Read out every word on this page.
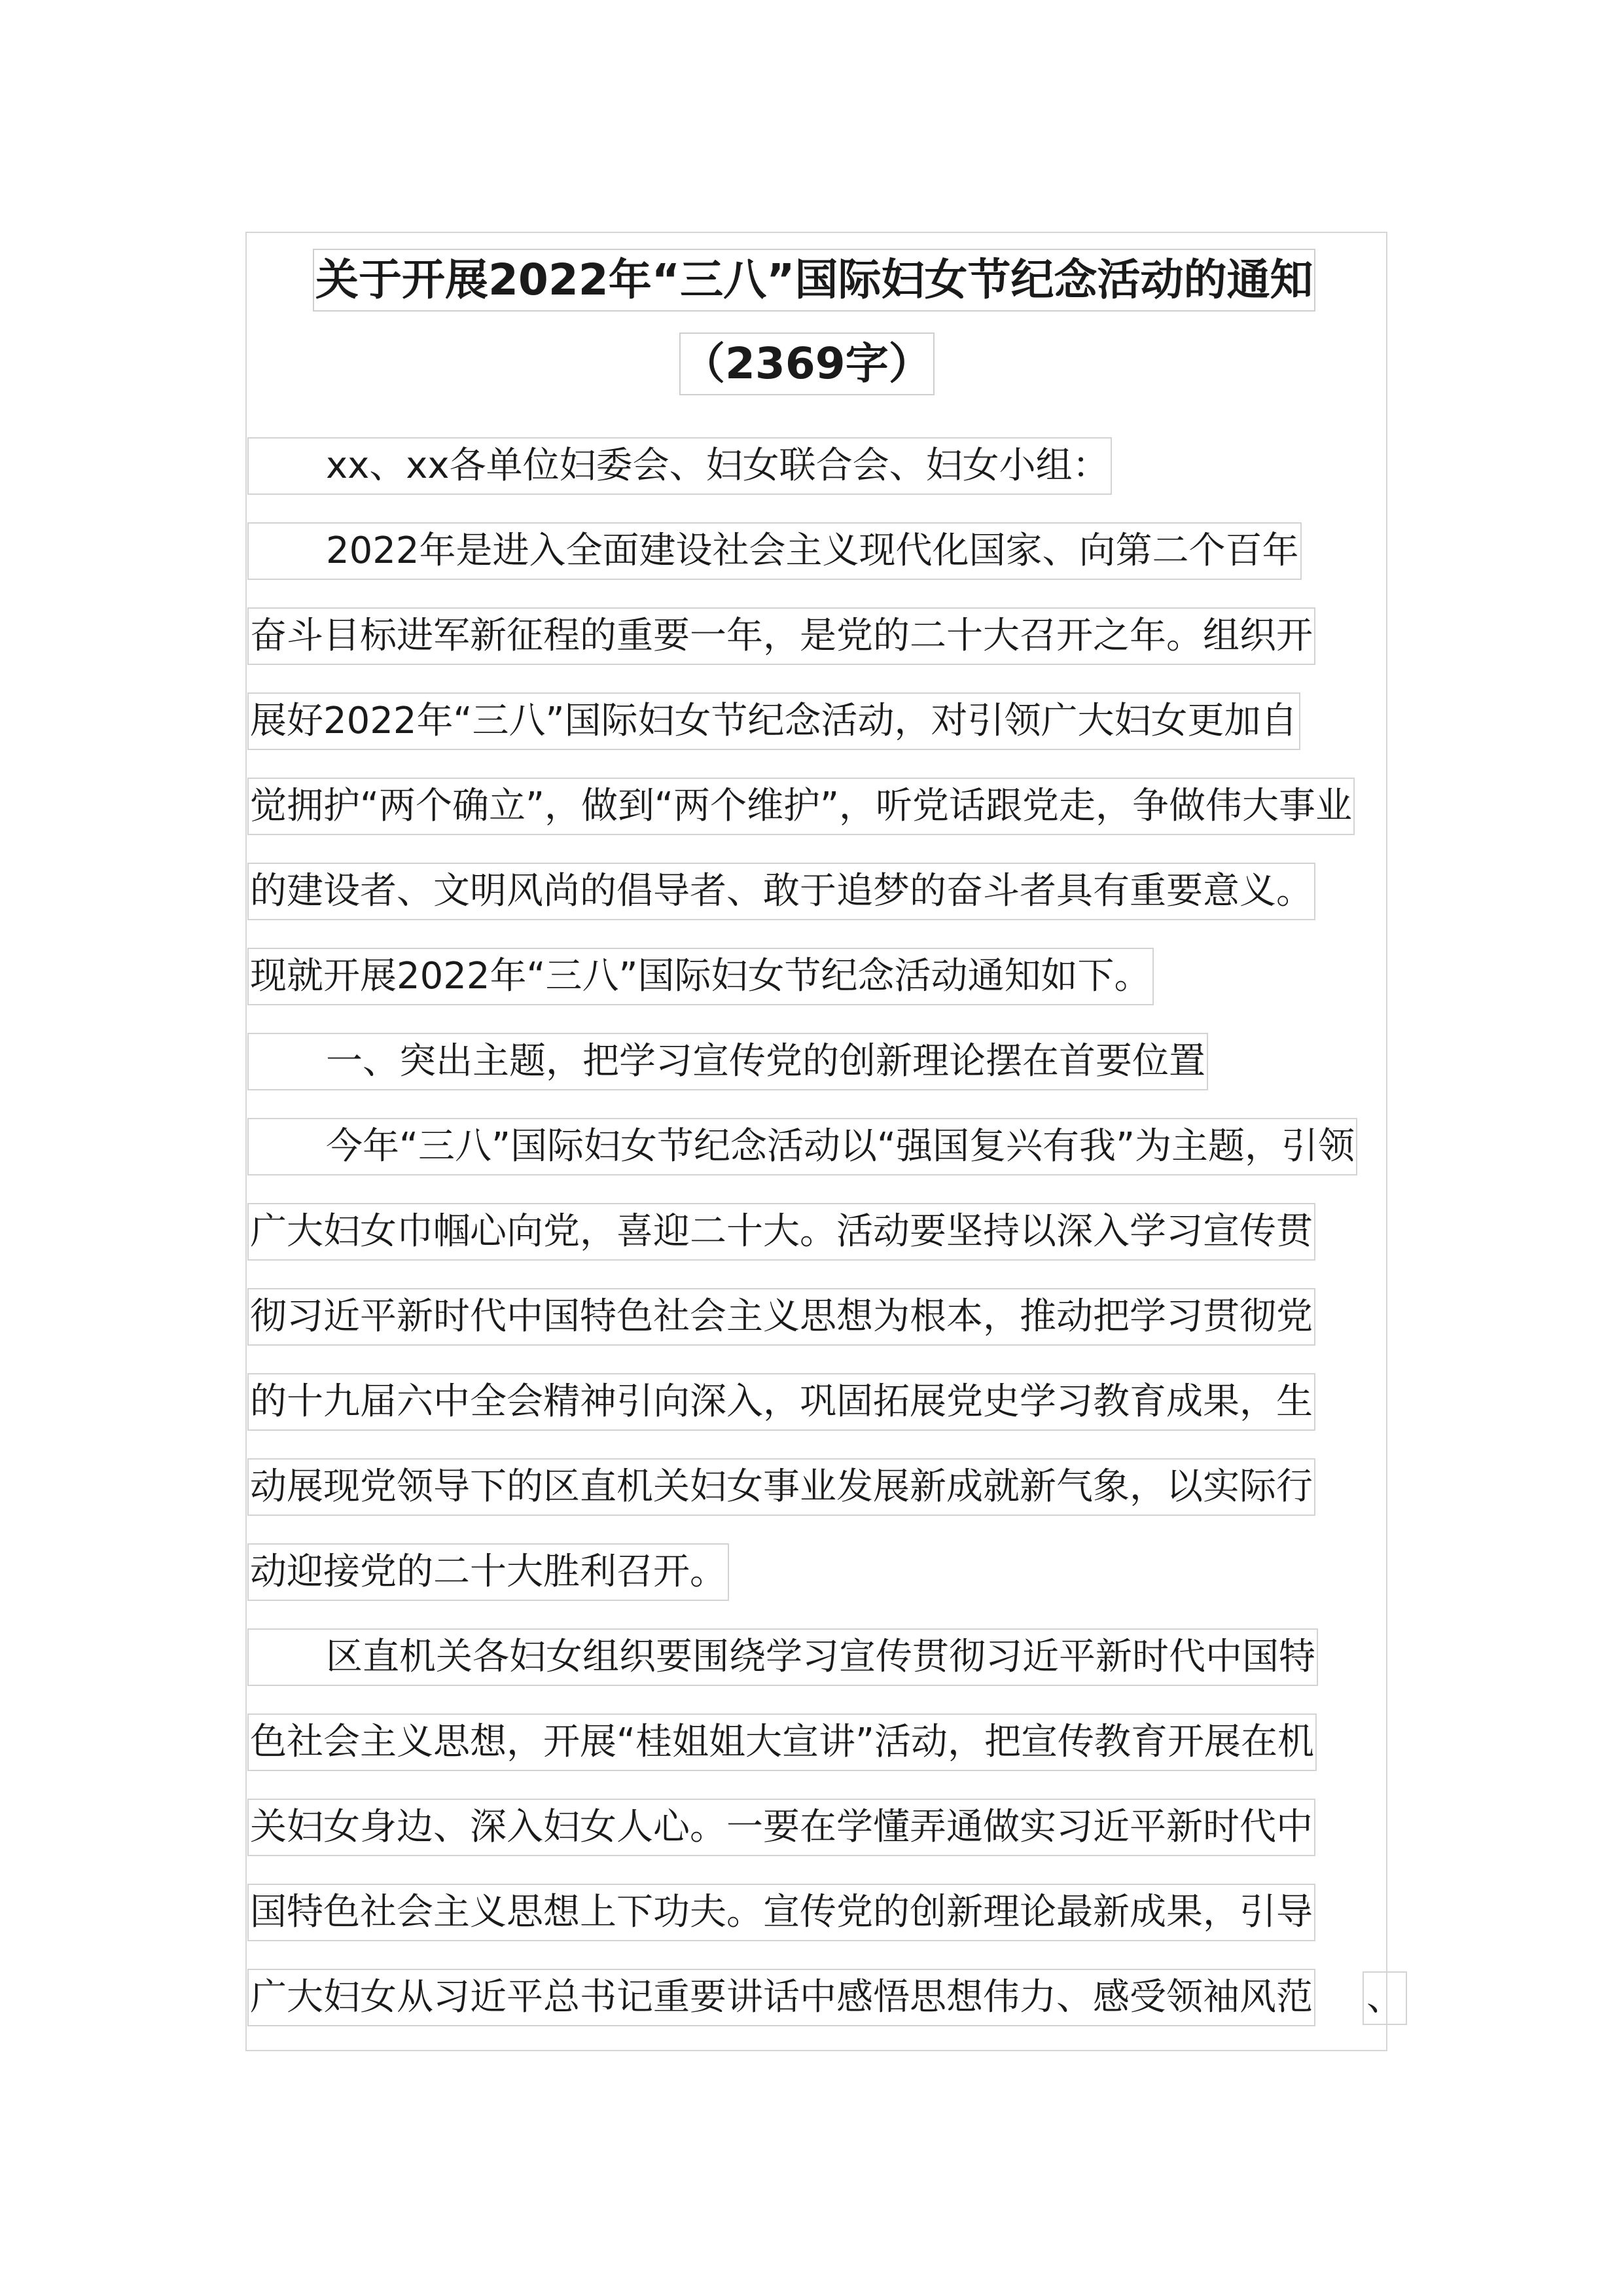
关于开展2022年“三八”国际妇女节纪念活动的通知
（2369字）
xx、xx各单位妇委会、妇女联合会、妇女小组：
2022年是进入全面建设社会主义现代化国家、向第二个百年
奋斗目标进军新征程的重要一年，是党的二十大召开之年。组织开
展好2022年“三八”国际妇女节纪念活动，对引领广大妇女更加自
觉拥护“两个确立”，做到“两个维护”，听党话跟党走，争做伟大事业
的建设者、文明风尚的倡导者、敢于追梦的奋斗者具有重要意义。
现就开展2022年“三八”国际妇女节纪念活动通知如下。
一、突出主题，把学习宣传党的创新理论摆在首要位置
今年“三八”国际妇女节纪念活动以“强国复兴有我”为主题，引领
广大妇女巾帼心向党，喜迎二十大。活动要坚持以深入学习宣传贯
彻习近平新时代中国特色社会主义思想为根本，推动把学习贯彻党
的十九届六中全会精神引向深入，巩固拓展党史学习教育成果，生
动展现党领导下的区直机关妇女事业发展新成就新气象，以实际行
动迎接党的二十大胜利召开。
区直机关各妇女组织要围绕学习宣传贯彻习近平新时代中国特
色社会主义思想，开展“桂姐姐大宣讲”活动，把宣传教育开展在机
关妇女身边、深入妇女人心。一要在学懂弄通做实习近平新时代中
国特色社会主义思想上下功夫。宣传党的创新理论最新成果，引导
广大妇女从习近平总书记重要讲话中感悟思想伟力、感受领袖风范 、
